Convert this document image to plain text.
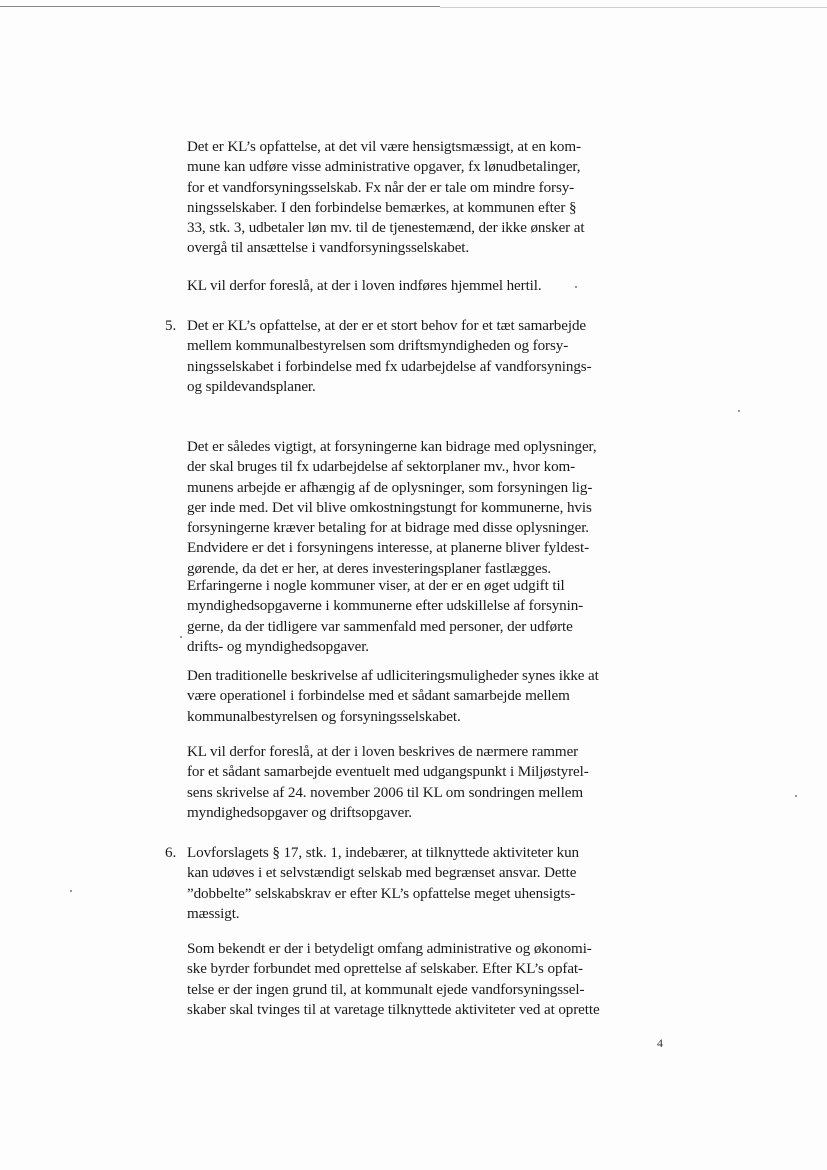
Det er KL’s opfattelse, at det vil være hensigtsmæssigt, at en kom-
mune kan udføre visse administrative opgaver, fx lønudbetalinger,
for et vandforsyningsselskab. Fx når der er tale om mindre forsy-
ningsselskaber. I den forbindelse bemærkes, at kommunen efter §
33, stk. 3, udbetaler løn mv. til de tjenestemænd, der ikke ønsker at
overgå til ansættelse i vandforsyningsselskabet.
KL vil derfor foreslå, at der i loven indføres hjemmel hertil.
5. Det er KL’s opfattelse, at der er et stort behov for et tæt samarbejde
mellem kommunalbestyrelsen som driftsmyndigheden og forsy-
ningsselskabet i forbindelse med fx udarbejdelse af vandforsynings-
og spildevandsplaner.
Det er således vigtigt, at forsyningerne kan bidrage med oplysninger,
der skal bruges til fx udarbejdelse af sektorplaner mv., hvor kom-
munens arbejde er afhængig af de oplysninger, som forsyningen lig-
ger inde med. Det vil blive omkostningstungt for kommunerne, hvis
forsyningerne kræver betaling for at bidrage med disse oplysninger.
Endvidere er det i forsyningens interesse, at planerne bliver fyldest-
gørende, da det er her, at deres investeringsplaner fastlægges.
Erfaringerne i nogle kommuner viser, at der er en øget udgift til
myndighedsopgaverne i kommunerne efter udskillelse af forsynin-
gerne, da der tidligere var sammenfald med personer, der udførte
drifts- og myndighedsopgaver.
Den traditionelle beskrivelse af udliciteringsmuligheder synes ikke at
være operationel i forbindelse med et sådant samarbejde mellem
kommunalbestyrelsen og forsyningsselskabet.
KL vil derfor foreslå, at der i loven beskrives de nærmere rammer
for et sådant samarbejde eventuelt med udgangspunkt i Miljøstyrel-
sens skrivelse af 24. november 2006 til KL om sondringen mellem
myndighedsopgaver og driftsopgaver.
6. Lovforslagets § 17, stk. 1, indebærer, at tilknyttede aktiviteter kun
kan udøves i et selvstændigt selskab med begrænset ansvar. Dette
”dobbelte” selskabskrav er efter KL’s opfattelse meget uhensigts-
mæssigt.
Som bekendt er der i betydeligt omfang administrative og økonomi-
ske byrder forbundet med oprettelse af selskaber. Efter KL’s opfat-
telse er der ingen grund til, at kommunalt ejede vandforsyningssel-
skaber skal tvinges til at varetage tilknyttede aktiviteter ved at oprette
4
